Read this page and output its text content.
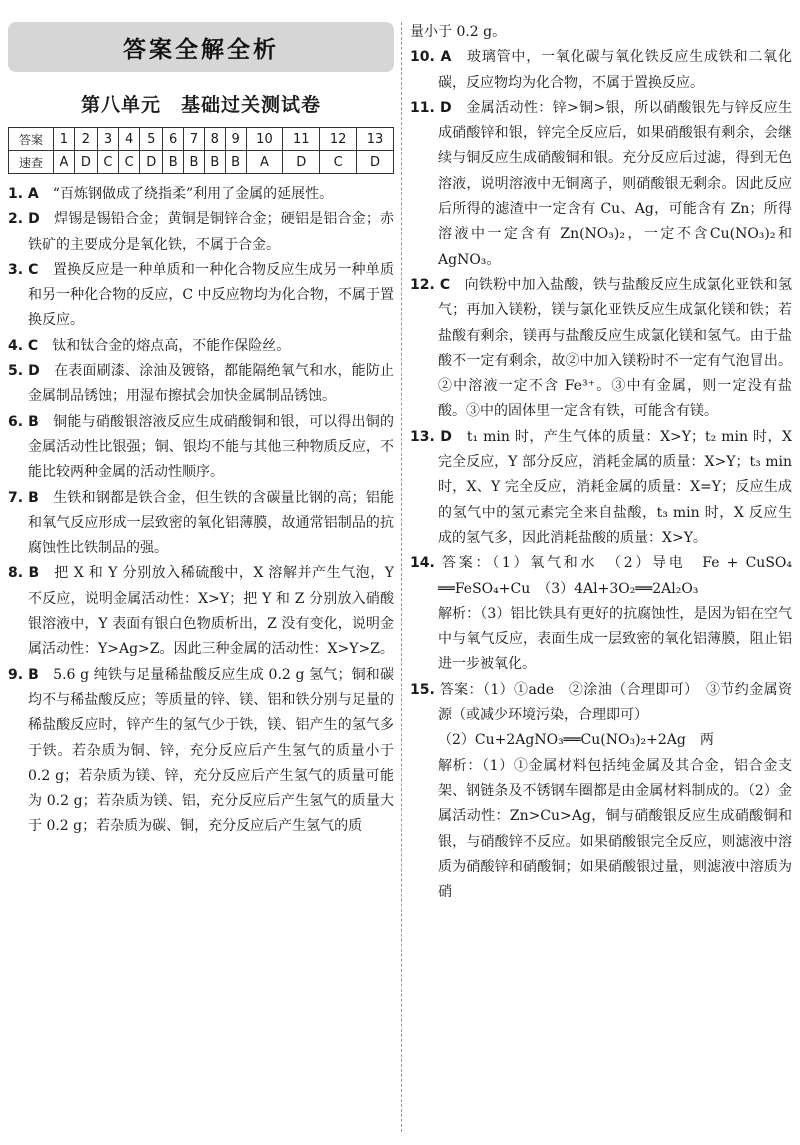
答案全解全析
第八单元　基础过关测试卷
答案	1	2	3	4	5	6	7	8	9	10	11	12	13
速查	A	D	C	C	D	B	B	B	B	A	D	C	D

1. A　“百炼钢做成了绕指柔”利用了金属的延展性。

2. D　焊锡是锡铅合金；黄铜是铜锌合金；硬铝是铝合金；赤铁矿的主要成分是氧化铁，不属于合金。

3. C　置换反应是一种单质和一种化合物反应生成另一种单质和另一种化合物的反应，C 中反应物均为化合物，不属于置换反应。

4. C　钛和钛合金的熔点高，不能作保险丝。

5. D　在表面刷漆、涂油及镀铬，都能隔绝氧气和水，能防止金属制品锈蚀；用湿布擦拭会加快金属制品锈蚀。

6. B　铜能与硝酸银溶液反应生成硝酸铜和银，可以得出铜的金属活动性比银强；铜、银均不能与其他三种物质反应，不能比较两种金属的活动性顺序。

7. B　生铁和钢都是铁合金，但生铁的含碳量比钢的高；铝能和氧气反应形成一层致密的氧化铝薄膜，故通常铝制品的抗腐蚀性比铁制品的强。

8. B　把 X 和 Y 分别放入稀硫酸中，X 溶解并产生气泡，Y 不反应，说明金属活动性：X>Y；把 Y 和 Z 分别放入硝酸银溶液中，Y 表面有银白色物质析出，Z 没有变化，说明金属活动性：Y>Ag>Z。因此三种金属的活动性：X>Y>Z。

9. B　5.6 g 纯铁与足量稀盐酸反应生成 0.2 g 氢气；铜和碳均不与稀盐酸反应；等质量的锌、镁、铝和铁分别与足量的稀盐酸反应时，锌产生的氢气少于铁，镁、铝产生的氢气多于铁。若杂质为铜、锌，充分反应后产生氢气的质量小于 0.2 g；若杂质为镁、锌，充分反应后产生氢气的质量可能为 0.2 g；若杂质为镁、铝，充分反应后产生氢气的质量大于 0.2 g；若杂质为碳、铜，充分反应后产生氢气的质

量小于 0.2 g。

10. A　玻璃管中，一氧化碳与氧化铁反应生成铁和二氧化碳，反应物均为化合物，不属于置换反应。

11. D　金属活动性：锌>铜>银，所以硝酸银先与锌反应生成硝酸锌和银，锌完全反应后，如果硝酸银有剩余，会继续与铜反应生成硝酸铜和银。充分反应后过滤，得到无色溶液，说明溶液中无铜离子，则硝酸银无剩余。因此反应后所得的滤渣中一定含有 Cu、Ag，可能含有 Zn；所得溶液中一定含有 Zn(NO₃)₂，一定不含Cu(NO₃)₂和 AgNO₃。

12. C　向铁粉中加入盐酸，铁与盐酸反应生成氯化亚铁和氢气；再加入镁粉，镁与氯化亚铁反应生成氯化镁和铁；若盐酸有剩余，镁再与盐酸反应生成氯化镁和氢气。由于盐酸不一定有剩余，故②中加入镁粉时不一定有气泡冒出。②中溶液一定不含 Fe³⁺。③中有金属，则一定没有盐酸。③中的固体里一定含有铁，可能含有镁。

13. D　t₁ min 时，产生气体的质量：X>Y；t₂ min 时，X 完全反应，Y 部分反应，消耗金属的质量：X>Y；t₃ min 时，X、Y 完全反应，消耗金属的质量：X=Y；反应生成的氢气中的氢元素完全来自盐酸，t₃ min 时，X 反应生成的氢气多，因此消耗盐酸的质量：X>Y。

14. 答案：（1）氧气和水　（2）导电　Fe + CuSO₄ ══FeSO₄+Cu　（3）4Al+3O₂══2Al₂O₃
解析：（3）铝比铁具有更好的抗腐蚀性，是因为铝在空气中与氧气反应，表面生成一层致密的氧化铝薄膜，阻止铝进一步被氧化。

15. 答案：（1）①ade　②涂油（合理即可）　③节约金属资源（或减少环境污染，合理即可）
（2）Cu+2AgNO₃══Cu(NO₃)₂+2Ag　两
解析：（1）①金属材料包括纯金属及其合金，铝合金支架、钢链条及不锈钢车圈都是由金属材料制成的。（2）金属活动性：Zn>Cu>Ag，铜与硝酸银反应生成硝酸铜和银，与硝酸锌不反应。如果硝酸银完全反应，则滤液中溶质为硝酸锌和硝酸铜；如果硝酸银过量，则滤液中溶质为硝
